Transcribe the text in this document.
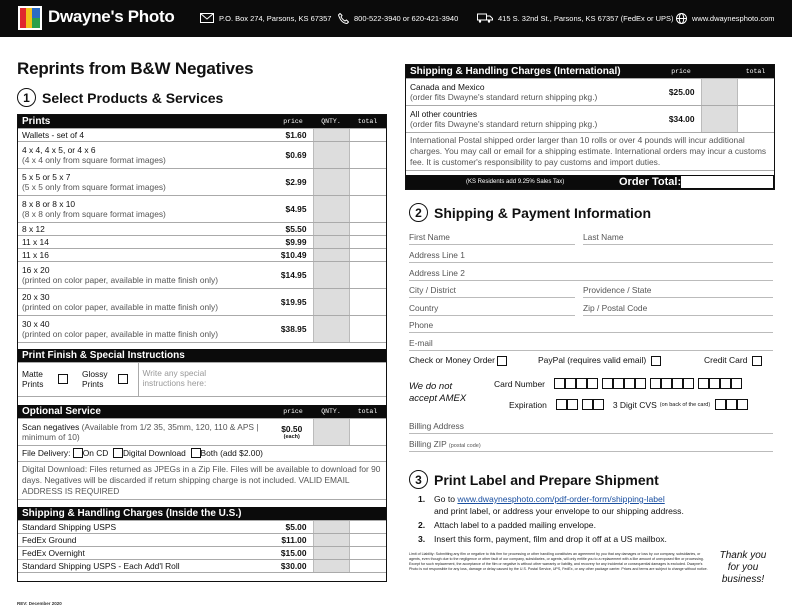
Dwayne's Photo	P.O. Box 274, Parsons, KS 67357	800-522-3940 or 620-421-3940	415 S. 32nd St., Parsons, KS 67357 (FedEx or UPS) www.dwaynesphoto.com
Reprints from B&W Negatives
1 Select Products & Services
Prints	price	QNTY.	total

Wallets - set of 4	$1.60		

4 x 4, 4 x 5, or 4 x 6
(4 x 4 only from square format images)	$0.69		

5 x 5 or 5 x 7
(5 x 5 only from square format images)	$2.99		

8 x 8 or 8 x 10
(8 x 8 only from square format images)	$4.95		

8 x 12	$5.50		

11 x 14	$9.99		

11 x 16	$10.49		

16 x 20
(printed on color paper, available in matte finish only)	$14.95		

20 x 30
(printed on color paper, available in matte finish only)	$19.95		

30 x 40
(printed on color paper, available in matte finish only)	$38.95		
Print Finish & Special Instructions
Matte Prints	Glossy Prints	Write any special instructions here:
Optional Service	price	QNTY.	total
Scan negatives (Available from 1/2 35, 35mm, 120, 110 & APS | minimum of 10)	$0.50
(each)		

File Delivery: On CD Digital Download Both (add $2.00)			
Digital Download: Files returned as JPEGs in a Zip File. Files will be available to download for 90 days. Negatives will be discarded if return shipping charge is not included. VALID EMAIL ADDRESS IS REQUIRED			
Shipping & Handling Charges (Inside the U.S.)			

Standard Shipping USPS	$5.00		

FedEx Ground	$11.00		

FedEx Overnight	$15.00		

Standard Shipping USPS - Each Add'l Roll	$30.00		
Shipping & Handling Charges (International)	price		total

Canada and Mexico
(order fits Dwayne's standard return shipping pkg.)	$25.00		

All other countries
(order fits Dwayne's standard return shipping pkg.)	$34.00		
International Postal shipped order larger than 10 rolls or over 4 pounds will incur additional charges. You may call or email for a shipping estimate. International orders may incur a customs fee. It is customer's responsibility to pay customs and import duties.			
(KS Residents add 9.25% Sales Tax)	Order Total:
2 Shipping & Payment Information
First Name	Last Name
Address Line 1
Address Line 2
City / District	Providence / State
Country	Zip / Postal Code
Phone
E-mail
Check or Money Order	PayPal (requires valid email)	Credit Card
We do not accept AMEX
Card Number
Expiration	3 Digit CVS (on back of the card)
Billing Address
Billing ZIP (postal code)
3 Print Label and Prepare Shipment
1. Go to www.dwaynesphoto.com/pdf-order-form/shipping-label
and print label, or address your envelope to our shipping address.
2. Attach label to a padded mailing envelope.
3. Insert this form, payment, film and drop it off at a US mailbox.
Limit of Liability: Submitting any film or negative to this firm for processing or other handling constitutes an agreement by you that any damages or loss by our company, subsidiaries, or agents, even though due to the negligence or other fault of our company, subsidiaries, or agents, will only entitle you to a replacement with a like amount of unexposed film or processing. Except for such replacement, the acceptance of the film or negative is without other warranty or liability, and recovery for any incidental or consequential damages is excluded. Dwayne's Photo is not responsible for any loss, damage or delay caused by the U.S. Postal Service, UPS, FedEx, or any other package carrier. Prices and terms are subject to change without notice.
Thank you for you business!
REV: December 2020
